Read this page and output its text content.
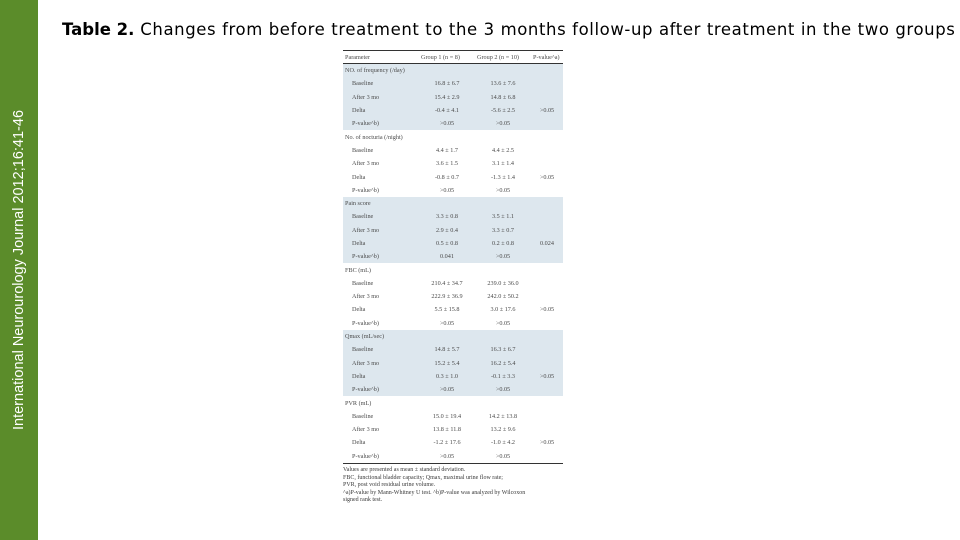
International Neurourology Journal 2012;16:41-46
Table 2. Changes from before treatment to the 3 months follow-up after treatment in the two groups
Parameter	Group 1 (n = 8)	Group 2 (n = 10)	P-value^a)
NO. of frequency (/day)			
Baseline	16.8 ± 6.7	13.6 ± 7.6	
After 3 mo	15.4 ± 2.9	14.8 ± 6.8	
Delta	-0.4 ± 4.1	-5.6 ± 2.5	>0.05
P-value^b)	>0.05	>0.05	
No. of nocturia (/night)			
Baseline	4.4 ± 1.7	4.4 ± 2.5	
After 3 mo	3.6 ± 1.5	3.1 ± 1.4	
Delta	-0.8 ± 0.7	-1.3 ± 1.4	>0.05
P-value^b)	>0.05	>0.05	
Pain score			
Baseline	3.3 ± 0.8	3.5 ± 1.1	
After 3 mo	2.9 ± 0.4	3.3 ± 0.7	
Delta	0.5 ± 0.8	0.2 ± 0.8	0.024
P-value^b)	0.041	>0.05	
FBC (mL)			
Baseline	210.4 ± 34.7	239.0 ± 36.0	
After 3 mo	222.9 ± 36.9	242.0 ± 50.2	
Delta	5.5 ± 15.8	3.0 ± 17.6	>0.05
P-value^b)	>0.05	>0.05	
Qmax (mL/sec)			
Baseline	14.8 ± 5.7	16.3 ± 6.7	
After 3 mo	15.2 ± 5.4	16.2 ± 5.4	
Delta	0.3 ± 1.0	-0.1 ± 3.3	>0.05
P-value^b)	>0.05	>0.05	
PVR (mL)			
Baseline	15.0 ± 19.4	14.2 ± 13.8	
After 3 mo	13.8 ± 11.8	13.2 ± 9.6	
Delta	-1.2 ± 17.6	-1.0 ± 4.2	>0.05
P-value^b)	>0.05	>0.05	

Values are presented as mean ± standard deviation.

FBC, functional bladder capacity; Qmax, maximal urine flow rate;

PVR, post void residual urine volume.

^a)P-value by Mann-Whitney U test. ^b)P-value was analyzed by Wilcoxon

signed rank test.
